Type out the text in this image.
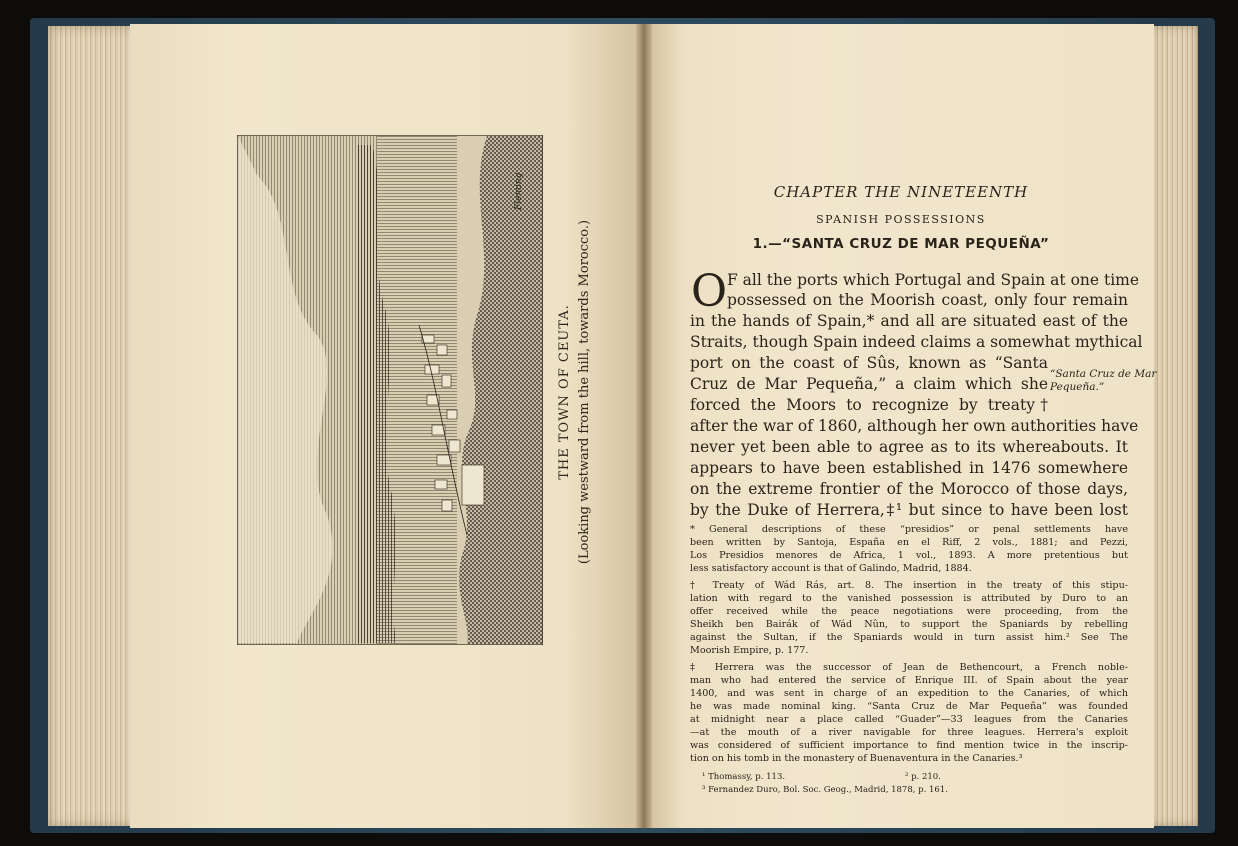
THE TOWN OF CEUTA. (Looking westward from the hill, towards Morocco.)
Fleming	CHAPTER THE NINETEENTH
SPANISH POSSESSIONS
1.—“SANTA CRUZ DE MAR PEQUEÑA”
O F all the ports which Portugal and Spain at one time
possessed on the Moorish coast, only four remain
in the hands of Spain,* and all are situated east of the
Straits, though Spain indeed claims a somewhat mythical
port on the coast of Sûs, known as “Santa
Cruz de Mar Pequeña,” a claim which she
forced the Moors to recognize by treaty†
after the war of 1860, although her own authorities have
never yet been able to agree as to its whereabouts. It
appears to have been established in 1476 somewhere
on the extreme frontier of the Morocco of those days,
by the Duke of Herrera,‡¹ but since to have been lost
“Santa Cruz de Mar Pequeña.”
* General descriptions of these “presidios” or penal settlements have
been written by Santoja, España en el Riff, 2 vols., 1881; and Pezzi,
Los Presidios menores de Africa, 1 vol., 1893. A more pretentious but
less satisfactory account is that of Galindo, Madrid, 1884.
† Treaty of Wád Rás, art. 8. The insertion in the treaty of this stipu-
lation with regard to the vanished possession is attributed by Duro to an
offer received while the peace negotiations were proceeding, from the
Sheikh ben Bairák of Wád Nûn, to support the Spaniards by rebelling
against the Sultan, if the Spaniards would in turn assist him.² See The
Moorish Empire, p. 177.
‡ Herrera was the successor of Jean de Bethencourt, a French noble-
man who had entered the service of Enrique III. of Spain about the year
1400, and was sent in charge of an expedition to the Canaries, of which
he was made nominal king. “Santa Cruz de Mar Pequeña” was founded
at midnight near a place called “Guader”—33 leagues from the Canaries
—at the mouth of a river navigable for three leagues. Herrera's exploit
was considered of sufficient importance to find mention twice in the inscrip-
tion on his tomb in the monastery of Buenaventura in the Canaries.³
¹ Thomassy, p. 113.	² p. 210.
³ Fernandez Duro, Bol. Soc. Geog., Madrid, 1878, p. 161.
